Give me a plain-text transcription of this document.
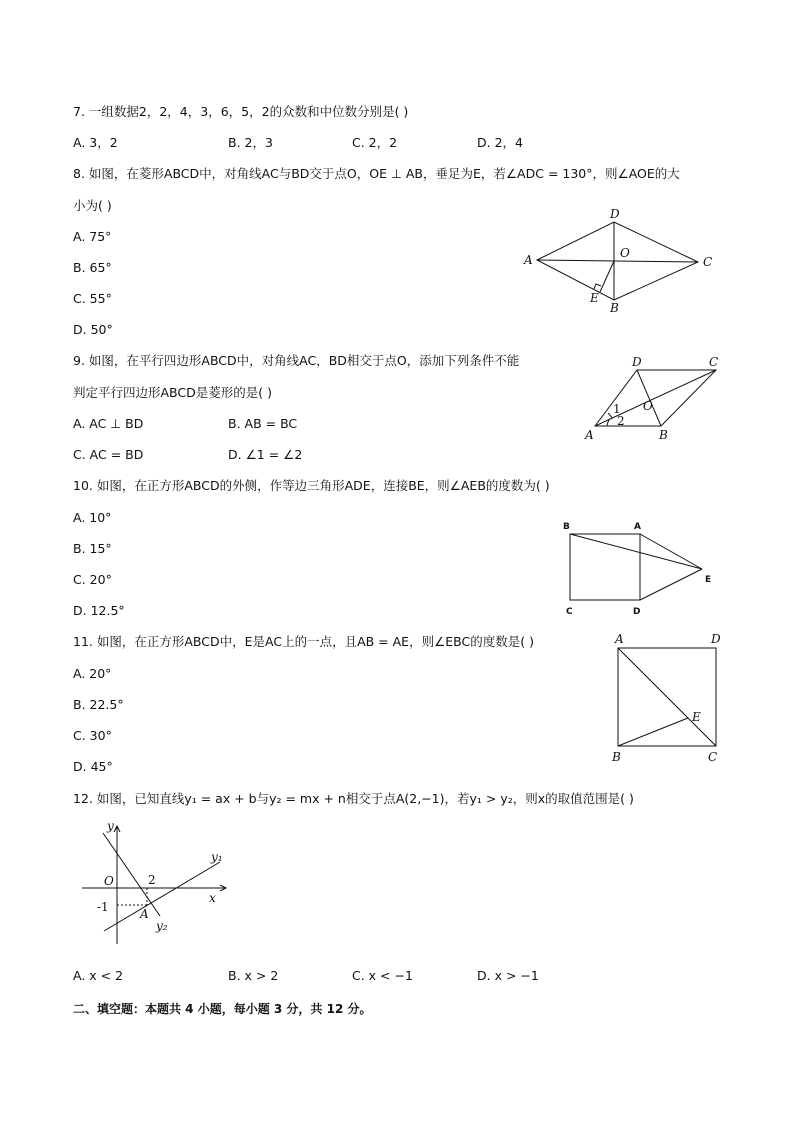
7. 一组数据2，2，4，3，6，5，2的众数和中位数分别是( )
A. 3，2	B. 2，3	C. 2，2	D. 2，4
8. 如图，在菱形ABCD中，对角线AC与BD交于点O，OE ⊥ AB，垂足为E，若∠ADC = 130°，则∠AOE的大
小为( )
A. 75°
B. 65°
C. 55°
D. 50°
D
A	C
O
E
B
9. 如图，在平行四边形ABCD中，对角线AC，BD相交于点O，添加下列条件不能
判定平行四边形ABCD是菱形的是( )
A. AC ⊥ BD	B. AB = BC
C. AC = BD	D. ∠1 = ∠2
D	C
O
1
2
A	B
10. 如图，在正方形ABCD的外侧，作等边三角形ADE，连接BE，则∠AEB的度数为( )
A. 10°
B. 15°
C. 20°
D. 12.5°
B	A
E
C	D
11. 如图，在正方形ABCD中，E是AC上的一点，且AB = AE，则∠EBC的度数是( )
A. 20°
B. 22.5°
C. 30°
D. 45°
A	D
E
B	C
12. 如图，已知直线y₁ = ax + b与y₂ = mx + n相交于点A(2,−1)，若y₁ > y₂，则x的取值范围是( )
y
x
O	2
-1	A
y₁
y₂
A. x < 2	B. x > 2	C. x < −1	D. x > −1
二、填空题：本题共 4 小题，每小题 3 分，共 12 分。
